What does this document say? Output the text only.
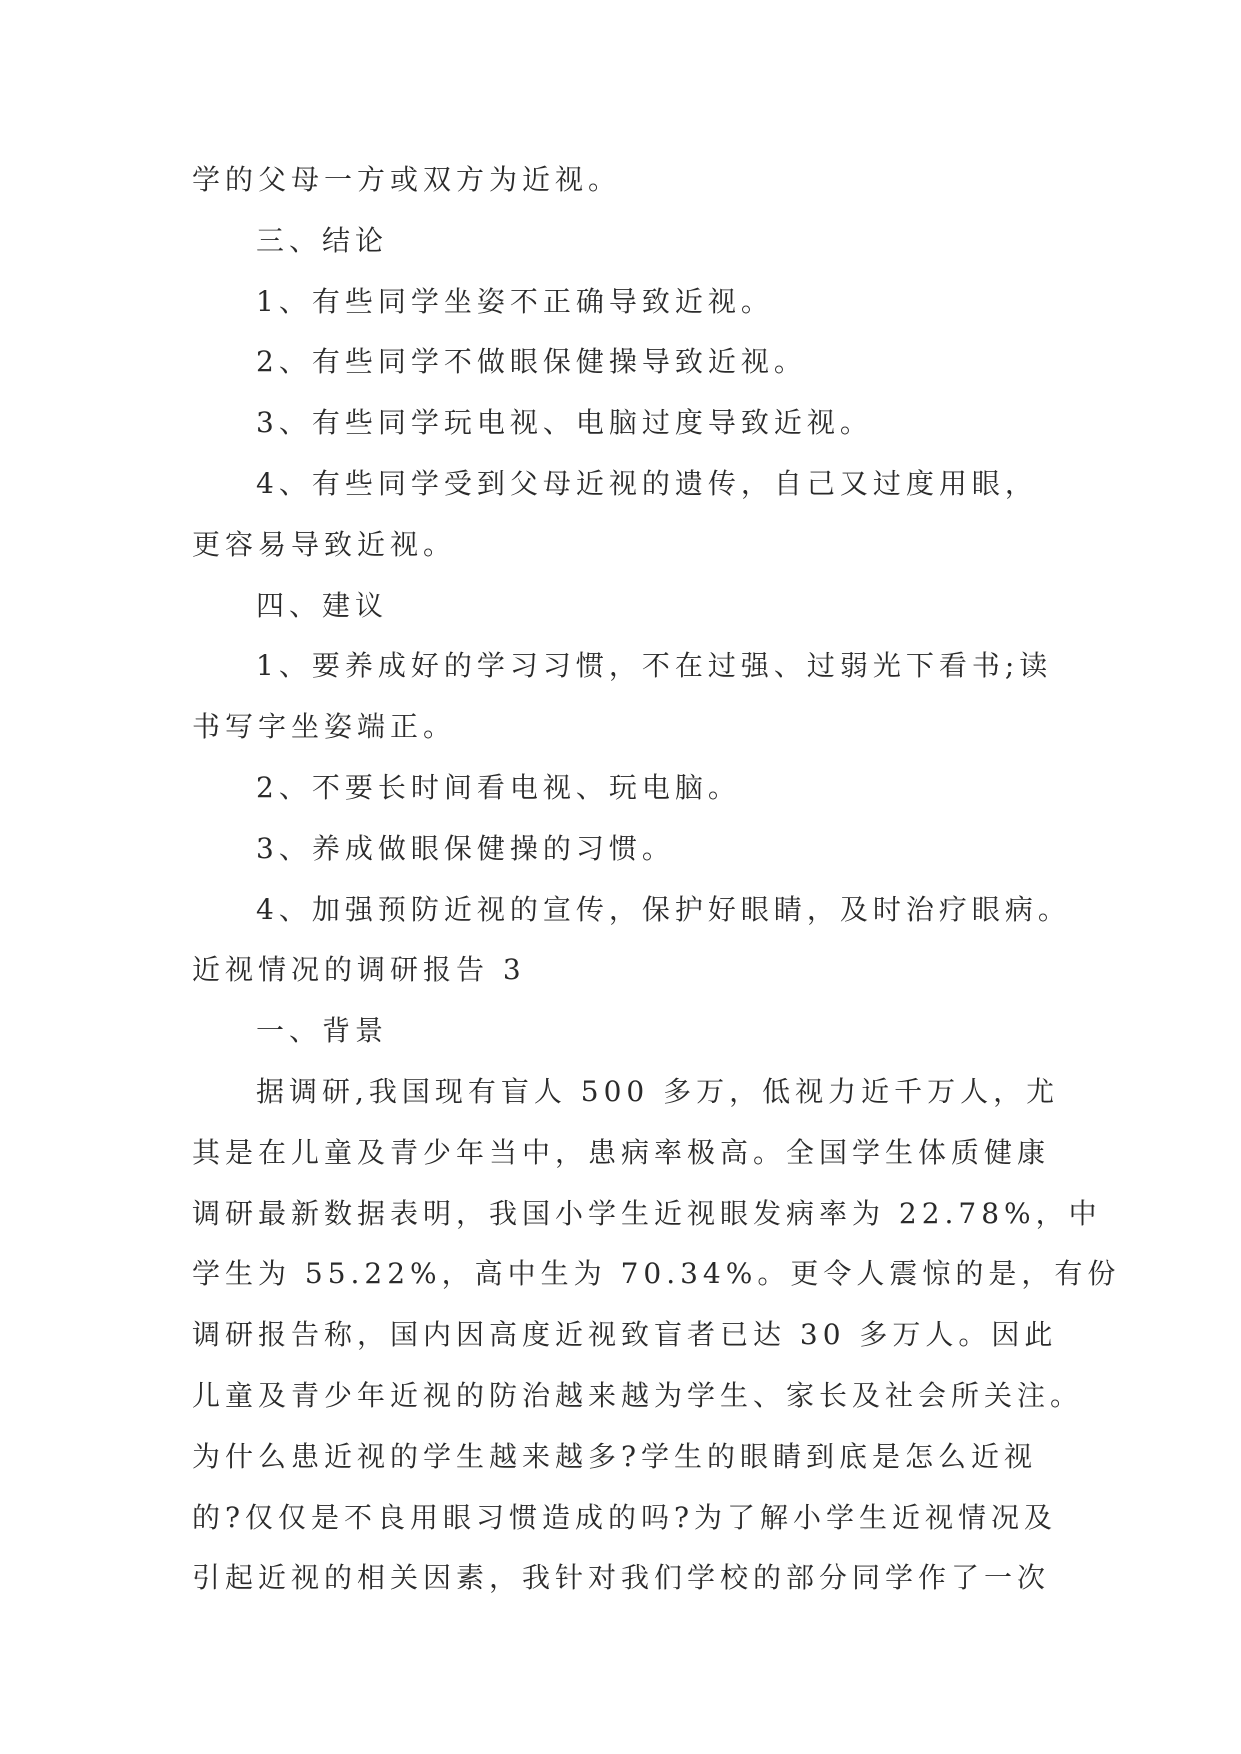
学的父母一方或双方为近视。
三、结论
1、有些同学坐姿不正确导致近视。
2、有些同学不做眼保健操导致近视。
3、有些同学玩电视、电脑过度导致近视。
4、有些同学受到父母近视的遗传，自己又过度用眼，
更容易导致近视。
四、建议
1、要养成好的学习习惯，不在过强、过弱光下看书;读
书写字坐姿端正。
2、不要长时间看电视、玩电脑。
3、养成做眼保健操的习惯。
4、加强预防近视的宣传，保护好眼睛，及时治疗眼病。
近视情况的调研报告 3
一、背景
据调研,我国现有盲人 500 多万，低视力近千万人，尤
其是在儿童及青少年当中，患病率极高。全国学生体质健康
调研最新数据表明，我国小学生近视眼发病率为 22.78%，中
学生为 55.22%，高中生为 70.34%。更令人震惊的是，有份
调研报告称，国内因高度近视致盲者已达 30 多万人。因此
儿童及青少年近视的防治越来越为学生、家长及社会所关注。
为什么患近视的学生越来越多?学生的眼睛到底是怎么近视
的?仅仅是不良用眼习惯造成的吗?为了解小学生近视情况及
引起近视的相关因素，我针对我们学校的部分同学作了一次
